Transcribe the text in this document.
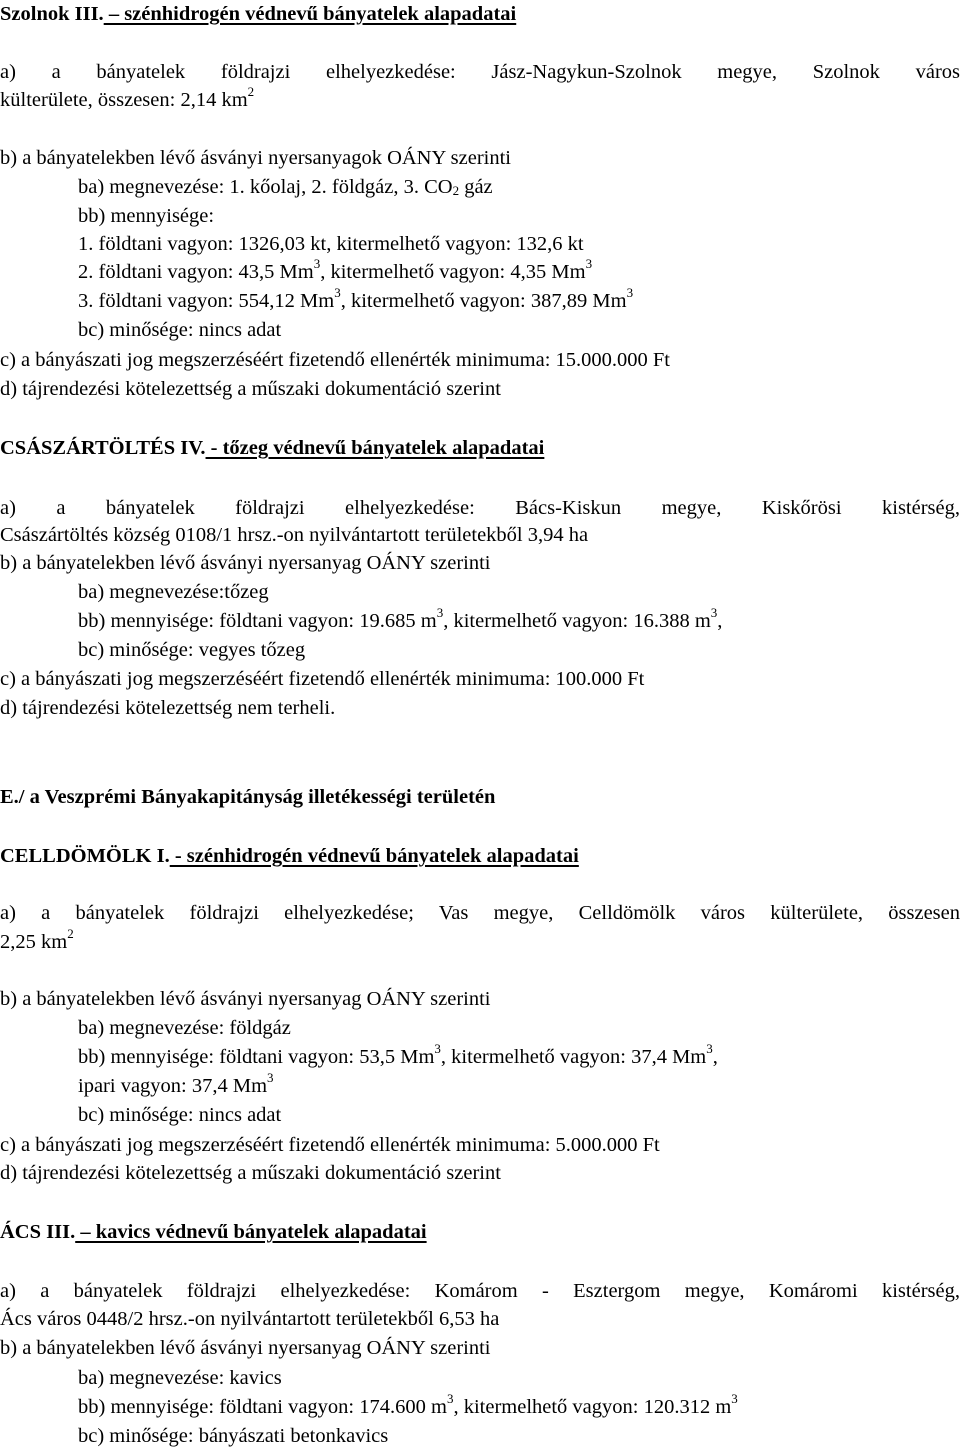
Szolnok III. – szénhidrogén védnevű bányatelek alapadatai
a) a bányatelek földrajzi elhelyezkedése: Jász-Nagykun-Szolnok megye, Szolnok város
külterülete, összesen: 2,14 $km^2$
b) a bányatelekben lévő ásványi nyersanyagok OÁNY szerinti
ba) megnevezése: 1. kőolaj, 2. földgáz, 3. $CO_2$ gáz
bb) mennyisége:
1. földtani vagyon: 1326,03 kt, kitermelhető vagyon: 132,6 kt
2. földtani vagyon: 43,5 Mm$^3$, kitermelhető vagyon: 4,35 Mm$^3$
3. földtani vagyon: 554,12 Mm$^3$, kitermelhető vagyon: 387,89 Mm$^3$
bc) minősége: nincs adat
c) a bányászati jog megszerzéséért fizetendő ellenérték minimuma: 15.000.000 Ft
d) tájrendezési kötelezettség a műszaki dokumentáció szerint
CSÁSZÁRTÖLTÉS IV. - tőzeg védnevű bányatelek alapadatai
a) a bányatelek földrajzi elhelyezkedése: Bács-Kiskun megye, Kiskőrösi kistérség,
Császártöltés község 0108/1 hrsz.-on nyilvántartott területekből 3,94 ha
b) a bányatelekben lévő ásványi nyersanyag OÁNY szerinti
ba) megnevezése:tőzeg
bb) mennyisége: földtani vagyon: 19.685 $m^3$, kitermelhető vagyon: 16.388 $m^3$,
bc) minősége: vegyes tőzeg
c) a bányászati jog megszerzéséért fizetendő ellenérték minimuma: 100.000 Ft
d) tájrendezési kötelezettség nem terheli.
E./ a Veszprémi Bányakapitányság illetékességi területén
CELLDÖMÖLK I. - szénhidrogén védnevű bányatelek alapadatai
a) a bányatelek földrajzi elhelyezkedése; Vas megye, Celldömölk város külterülete, összesen
2,25 $km^2$
b) a bányatelekben lévő ásványi nyersanyag OÁNY szerinti
ba) megnevezése: földgáz
bb) mennyisége: földtani vagyon: 53,5 Mm$^3$, kitermelhető vagyon: 37,4 Mm$^3$,
ipari vagyon: 37,4 Mm$^3$
bc) minősége: nincs adat
c) a bányászati jog megszerzéséért fizetendő ellenérték minimuma: 5.000.000 Ft
d) tájrendezési kötelezettség a műszaki dokumentáció szerint
ÁCS III. – kavics védnevű bányatelek alapadatai
a) a bányatelek földrajzi elhelyezkedése: Komárom - Esztergom megye, Komáromi kistérség,
Ács város 0448/2 hrsz.-on nyilvántartott területekből 6,53 ha
b) a bányatelekben lévő ásványi nyersanyag OÁNY szerinti
ba) megnevezése: kavics
bb) mennyisége: földtani vagyon: 174.600 $m^3$, kitermelhető vagyon: 120.312 $m^3$
bc) minősége: bányászati betonkavics
